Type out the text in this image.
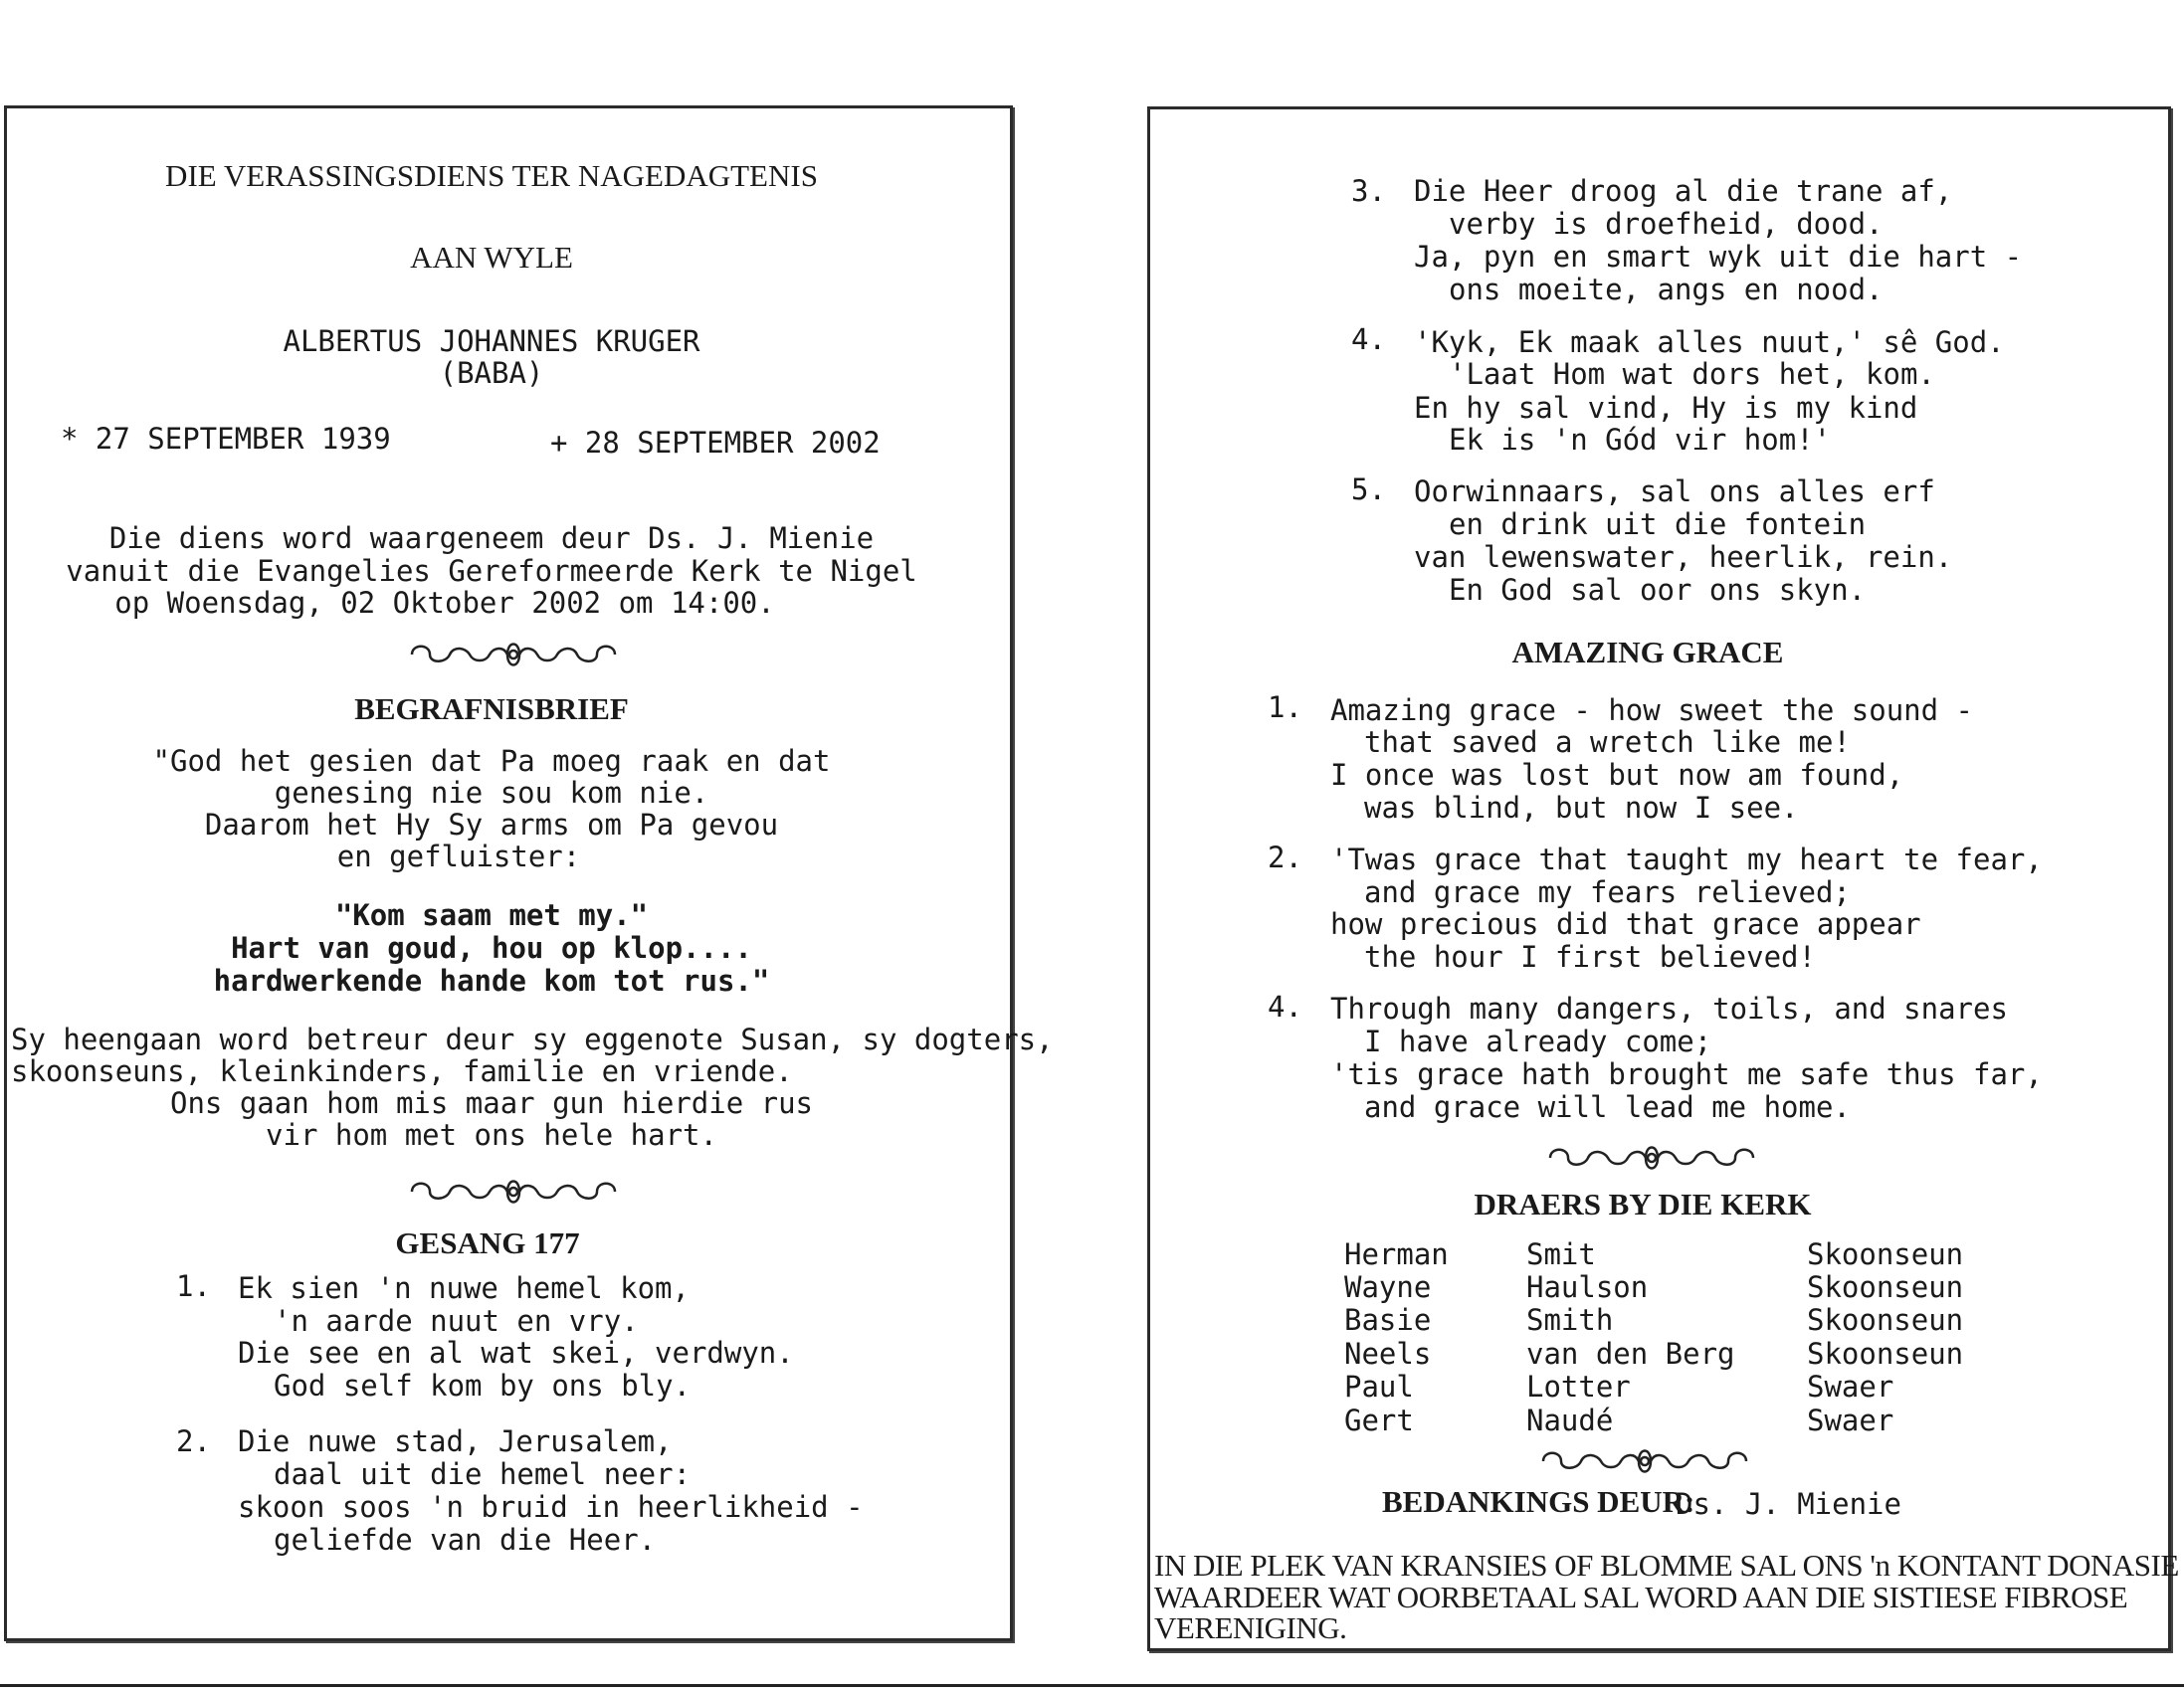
DIE VERASSINGSDIENS TER NAGEDAGTENIS
AAN WYLE
ALBERTUS JOHANNES KRUGER
(BABA)
* 27 SEPTEMBER 1939	+ 28 SEPTEMBER 2002
Die diens word waargeneem deur Ds. J. Mienie
vanuit die Evangelies Gereformeerde Kerk te Nigel
op Woensdag, 02 Oktober 2002 om 14:00.
BEGRAFNISBRIEF
"God het gesien dat Pa moeg raak en dat
genesing nie sou kom nie.
Daarom het Hy Sy arms om Pa gevou
en gefluister:
"Kom saam met my."
Hart van goud, hou op klop....
hardwerkende hande kom tot rus."
Sy heengaan word betreur deur sy eggenote Susan, sy dogters,
skoonseuns, kleinkinders, familie en vriende.
Ons gaan hom mis maar gun hierdie rus
vir hom met ons hele hart.
GESANG 177
1. Ek sien 'n nuwe hemel kom,
'n aarde nuut en vry.
Die see en al wat skei, verdwyn.
God self kom by ons bly.
2. Die nuwe stad, Jerusalem,
daal uit die hemel neer:
skoon soos 'n bruid in heerlikheid -
geliefde van die Heer.
3. Die Heer droog al die trane af,
verby is droefheid, dood.
Ja, pyn en smart wyk uit die hart -
ons moeite, angs en nood.
4. 'Kyk, Ek maak alles nuut,' sê God.
'Laat Hom wat dors het, kom.
En hy sal vind, Hy is my kind
Ek is 'n Gód vir hom!'
5. Oorwinnaars, sal ons alles erf
en drink uit die fontein
van lewenswater, heerlik, rein.
En God sal oor ons skyn.
AMAZING GRACE
1. Amazing grace - how sweet the sound -
that saved a wretch like me!
I once was lost but now am found,
was blind, but now I see.
2. 'Twas grace that taught my heart te fear,
and grace my fears relieved;
how precious did that grace appear
the hour I first believed!
4. Through many dangers, toils, and snares
I have already come;
'tis grace hath brought me safe thus far,
and grace will lead me home.
DRAERS BY DIE KERK
Herman	Smit	Skoonseun
Wayne	Haulson	Skoonseun
Basie	Smith	Skoonseun
Neels	van den Berg Skoonseun
Paul	Lotter	Swaer
Gert	Naudé	Swaer
BEDANKINGS DEUR:
Ds. J. Mienie
IN DIE PLEK VAN KRANSIES OF BLOMME SAL ONS 'n KONTANT DONASIE
WAARDEER WAT OORBETAAL SAL WORD AAN DIE SISTIESE FIBROSE
VERENIGING.
